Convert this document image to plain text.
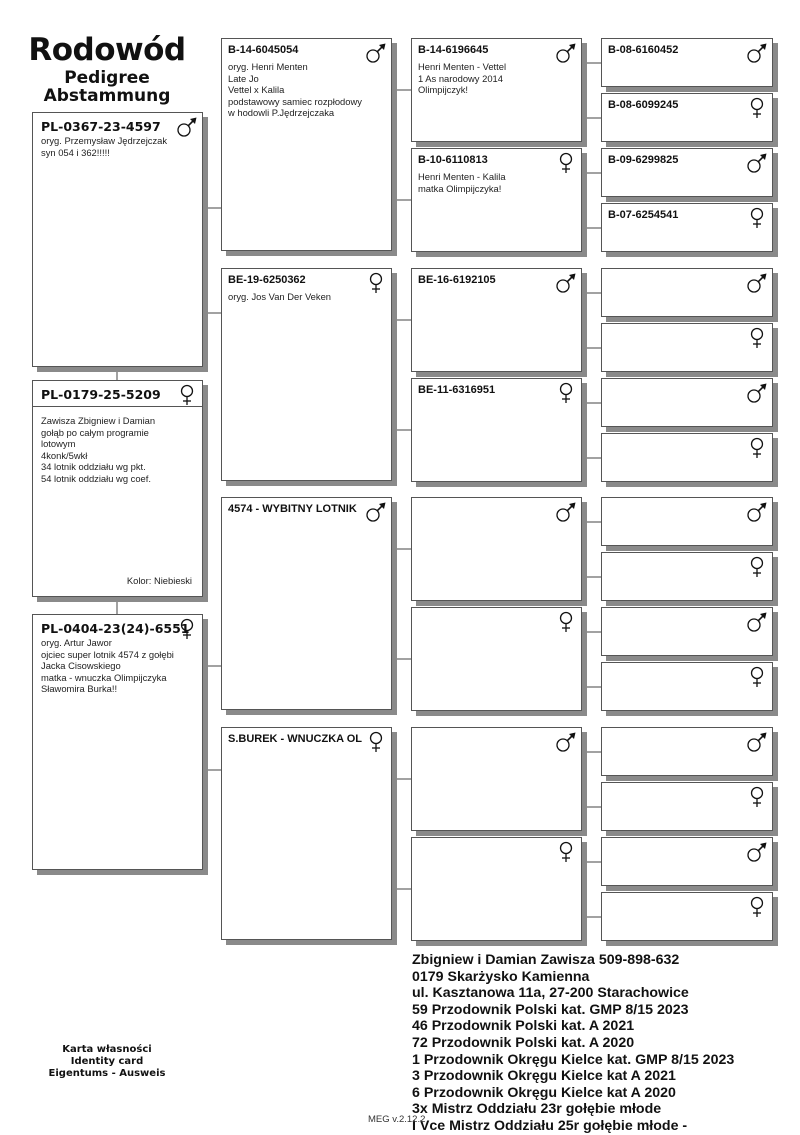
Rodowód
Pedigree
Abstammung
PL-0367-23-4597
oryg. Przemysław Jędrzejczak
syn 054 i 362!!!!!
PL-0179-25-5209
Zawisza Zbigniew i Damian
gołąb po całym programie
lotowym
4konk/5wkł
34 lotnik oddziału wg pkt.
54 lotnik oddziału wg coef.
Kolor: Niebieski
PL-0404-23(24)-6551
oryg. Artur Jawor
ojciec super lotnik 4574 z gołębi
Jacka Cisowskiego
matka - wnuczka Olimpijczyka
Sławomira Burka!!
B-14-6045054
oryg. Henri Menten
Late Jo
Vettel x Kalila
podstawowy samiec rozpłodowy
w hodowli P.Jędrzejczaka
BE-19-6250362
oryg. Jos Van Der Veken
4574 - WYBITNY LOTNIK
S.BUREK - WNUCZKA OL
B-14-6196645
Henri Menten - Vettel
1 As narodowy 2014
Olimpijczyk!
B-10-6110813
Henri Menten - Kalila
matka Olimpijczyka!
BE-16-6192105
BE-11-6316951
B-08-6160452
B-08-6099245
B-09-6299825
B-07-6254541
Zbigniew i Damian Zawisza 509-898-632
0179 Skarżysko Kamienna
ul. Kasztanowa 11a, 27-200 Starachowice
59 Przodownik Polski kat. GMP 8/15 2023
46 Przodownik Polski kat. A 2021
72 Przodownik Polski kat. A 2020
1 Przodownik Okręgu Kielce kat. GMP 8/15 2023
3 Przodownik Okręgu Kielce kat A 2021
6 Przodownik Okręgu Kielce kat A 2020
3x Mistrz Oddziału 23r gołębie młode
I Vce Mistrz Oddziału 25r gołębie młode -
Karta własności
Identity card
Eigentums - Ausweis
MEG v.2.12.2
